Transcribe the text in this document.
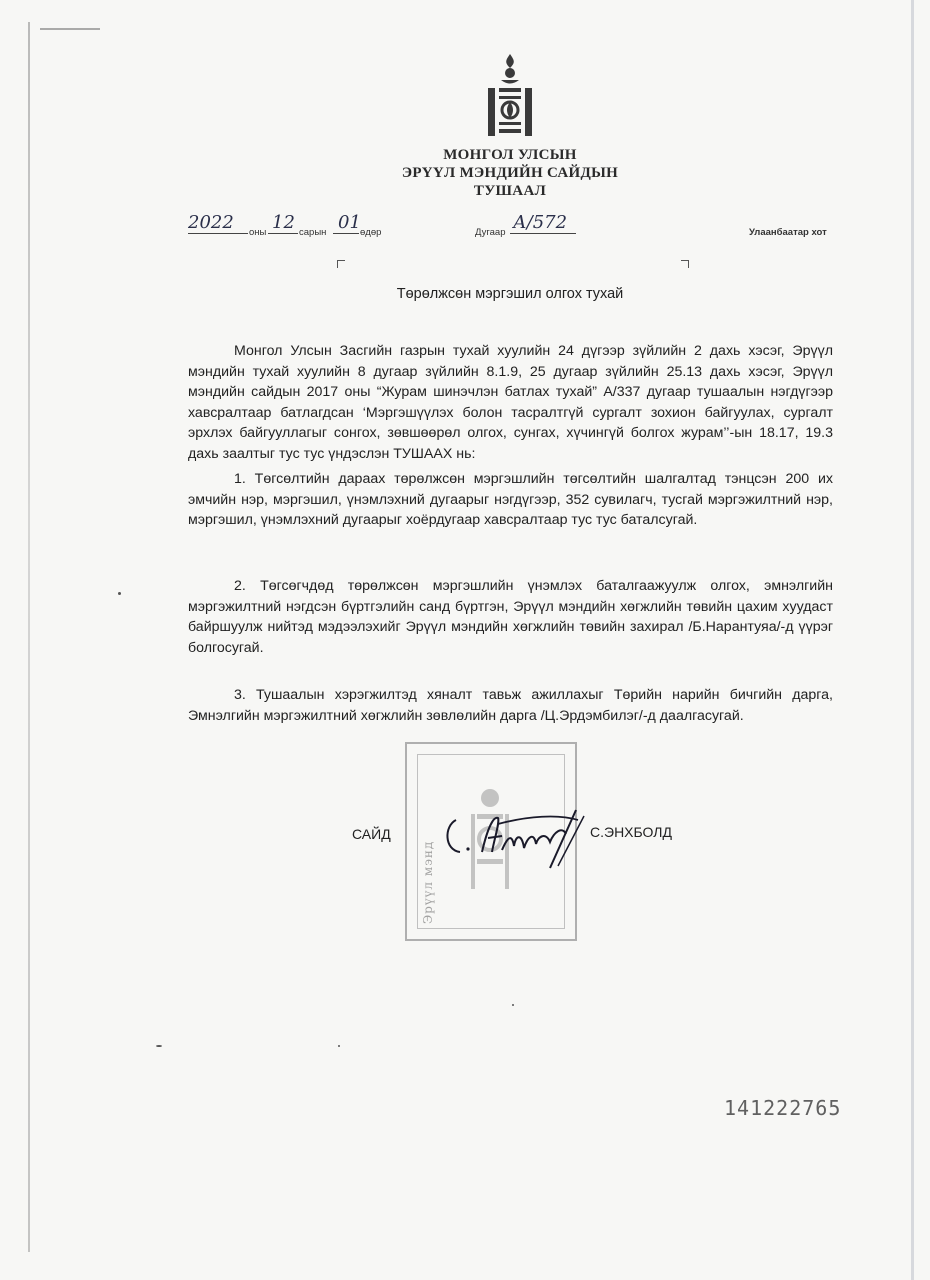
МОНГОЛ УЛСЫН
ЭРҮҮЛ МЭНДИЙН САЙДЫН
ТУШААЛ
2022 оны 12 сарын 01 өдөр	Дугаар А/572	Улаанбаатар хот

Төрөлжсөн мэргэшил олгох тухай

Монгол Улсын Засгийн газрын тухай хуулийн 24 дүгээр зүйлийн 2 дахь хэсэг, Эрүүл мэндийн тухай хуулийн 8 дугаар зүйлийн 8.1.9, 25 дугаар зүйлийн 25.13 дахь хэсэг, Эрүүл мэндийн сайдын 2017 оны “Журам шинэчлэн батлах тухай” А/337 дугаар тушаалын нэгдүгээр хавсралтаар батлагдсан ‘Мэргэшүүлэх болон тасралтгүй сургалт зохион байгуулах, сургалт эрхлэх байгууллагыг сонгох, зөвшөөрөл олгох, сунгах, хүчингүй болгох журам’’-ын 18.17, 19.3 дахь заалтыг тус тус үндэслэн ТУШААХ нь:

1. Төгсөлтийн дараах төрөлжсөн мэргэшлийн төгсөлтийн шалгалтад тэнцсэн 200 их эмчийн нэр, мэргэшил, үнэмлэхний дугаарыг нэгдүгээр, 352 сувилагч, тусгай мэргэжилтний нэр, мэргэшил, үнэмлэхний дугаарыг хоёрдугаар хавсралтаар тус тус баталсугай.

2. Төгсөгчдөд төрөлжсөн мэргэшлийн үнэмлэх баталгаажуулж олгох, эмнэлгийн мэргэжилтний нэгдсэн бүртгэлийн санд бүртгэн, Эрүүл мэндийн хөгжлийн төвийн цахим хуудаст байршуулж нийтэд мэдээлэхийг Эрүүл мэндийн хөгжлийн төвийн захирал /Б.Нарантуяа/-д үүрэг болгосугай.

3. Тушаалын хэрэгжилтэд хяналт тавьж ажиллахыг Төрийн нарийн бичгийн дарга, Эмнэлгийн мэргэжилтний хөгжлийн зөвлөлийн дарга /Ц.Эрдэмбилэг/-д даалгасугай.

Эрүүл мэнд
САЙД	С.ЭНХБОЛД
141222765
